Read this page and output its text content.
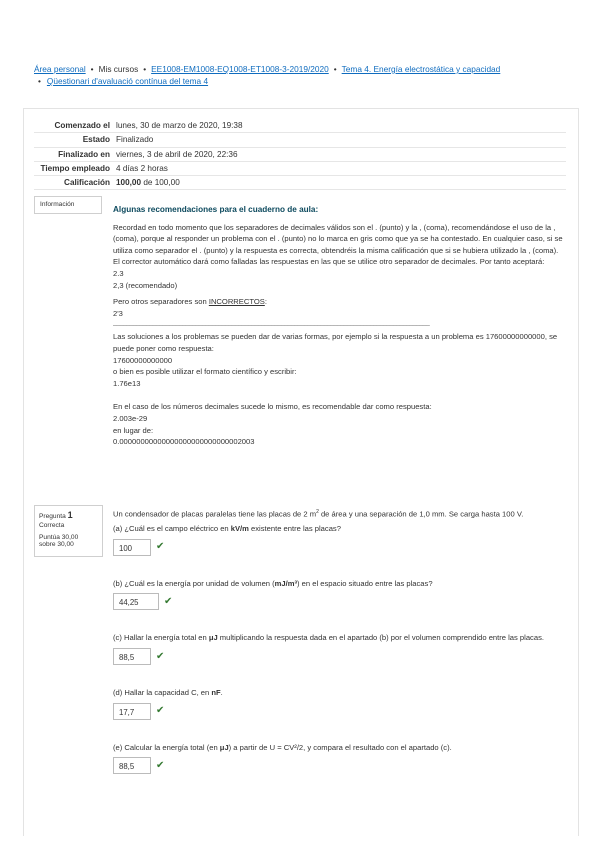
Área personal • Mis cursos • EE1008-EM1008-EQ1008-ET1008-3-2019/2020 • Tema 4. Energía electrostática y capacidad
• Qüestionari d'avaluació contínua del tema 4
Comenzado el	lunes, 30 de marzo de 2020, 19:38
Estado	Finalizado
Finalizado en	viernes, 3 de abril de 2020, 22:36
Tiempo empleado	4 días 2 horas
Calificación	100,00 de 100,00
Información

Algunas recomendaciones para el cuaderno de aula:

Recordad en todo momento que los separadores de decimales válidos son el . (punto) y la , (coma), recomendándose el uso de la , (coma), porque al responder un problema con el . (punto) no lo marca en gris como que ya se ha contestado. En cualquier caso, si se utiliza como separador el . (punto) y la respuesta es correcta, obtendréis la misma calificación que si se hubiera utilizado la , (coma). El corrector automático dará como falladas las respuestas en las que se utilice otro separador de decimales. Por tanto aceptará:

2.3

2,3 (recomendado)

Pero otros separadores son INCORRECTOS:

2'3

________________________________________________________________________________________________

Las soluciones a los problemas se pueden dar de varias formas, por ejemplo si la respuesta a un problema es 17600000000000, se puede poner como respuesta:

17600000000000

o bien es posible utilizar el formato científico y escribir:

1.76e13

En el caso de los números decimales sucede lo mismo, es recomendable dar como respuesta:

2.003e-29

en lugar de:

0.00000000000000000000000000002003

Pregunta 1
Correcta
Puntúa 30,00
sobre 30,00

Un condensador de placas paralelas tiene las placas de 2 $m^2$ de área y una separación de 1,0 mm. Se carga hasta 100 V.

(a) ¿Cuál es el campo eléctrico en kV/m existente entre las placas?

100	✔

(b) ¿Cuál es la energía por unidad de volumen (mJ/m³) en el espacio situado entre las placas?

44,25	✔

(c) Hallar la energía total en μJ multiplicando la respuesta dada en el apartado (b) por el volumen comprendido entre las placas.

88,5	✔

(d) Hallar la capacidad C, en nF.

17,7	✔

(e) Calcular la energía total (en μJ) a partir de U = CV²/2, y compara el resultado con el apartado (c).

88,5	✔
